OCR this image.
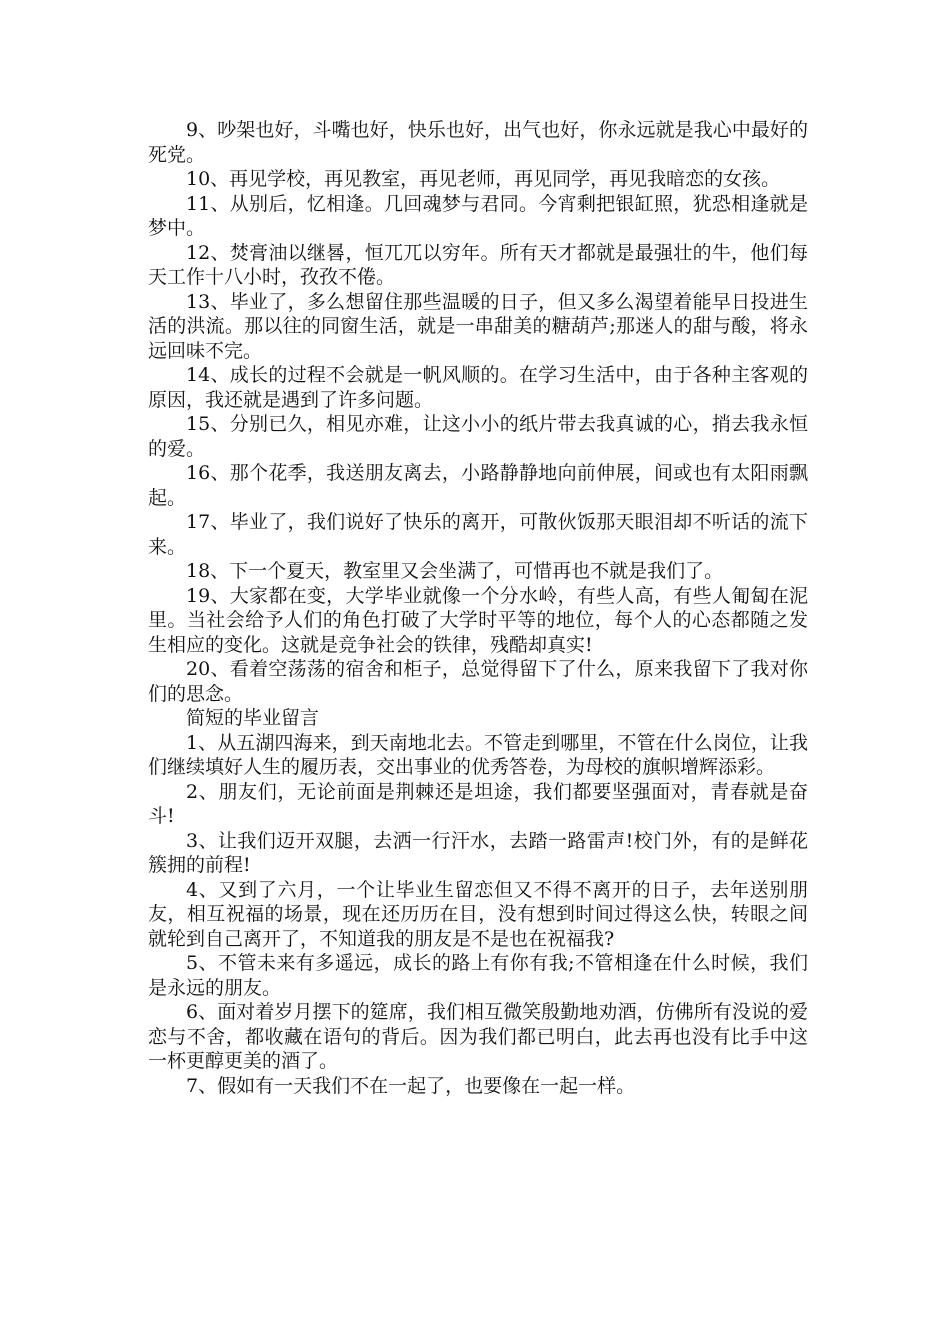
9、吵架也好，斗嘴也好，快乐也好，出气也好，你永远就是我心中最好的死党。

10、再见学校，再见教室，再见老师，再见同学，再见我暗恋的女孩。

11、从别后，忆相逢。几回魂梦与君同。今宵剩把银缸照，犹恐相逢就是梦中。

12、焚膏油以继晷，恒兀兀以穷年。所有天才都就是最强壮的牛，他们每天工作十八小时，孜孜不倦。

13、毕业了，多么想留住那些温暖的日子，但又多么渴望着能早日投进生活的洪流。那以往的同窗生活，就是一串甜美的糖葫芦;那迷人的甜与酸，将永远回味不完。

14、成长的过程不会就是一帆风顺的。在学习生活中，由于各种主客观的原因，我还就是遇到了许多问题。

15、分别已久，相见亦难，让这小小的纸片带去我真诚的心，捎去我永恒的爱。

16、那个花季，我送朋友离去，小路静静地向前伸展，间或也有太阳雨飘起。

17、毕业了，我们说好了快乐的离开，可散伙饭那天眼泪却不听话的流下来。

18、下一个夏天，教室里又会坐满了，可惜再也不就是我们了。

19、大家都在变，大学毕业就像一个分水岭，有些人高，有些人匍匐在泥里。当社会给予人们的角色打破了大学时平等的地位，每个人的心态都随之发生相应的变化。这就是竞争社会的铁律，残酷却真实!

20、看着空荡荡的宿舍和柜子，总觉得留下了什么，原来我留下了我对你们的思念。

简短的毕业留言

1、从五湖四海来，到天南地北去。不管走到哪里，不管在什么岗位，让我们继续填好人生的履历表，交出事业的优秀答卷，为母校的旗帜增辉添彩。

2、朋友们，无论前面是荆棘还是坦途，我们都要坚强面对，青春就是奋斗!

3、让我们迈开双腿，去洒一行汗水，去踏一路雷声!校门外，有的是鲜花簇拥的前程!

4、又到了六月，一个让毕业生留恋但又不得不离开的日子，去年送别朋友，相互祝福的场景，现在还历历在目，没有想到时间过得这么快，转眼之间就轮到自己离开了，不知道我的朋友是不是也在祝福我?

5、不管未来有多遥远，成长的路上有你有我;不管相逢在什么时候，我们是永远的朋友。

6、面对着岁月摆下的筵席，我们相互微笑殷勤地劝酒，仿佛所有没说的爱恋与不舍，都收藏在语句的背后。因为我们都已明白，此去再也没有比手中这一杯更醇更美的酒了。

7、假如有一天我们不在一起了，也要像在一起一样。
